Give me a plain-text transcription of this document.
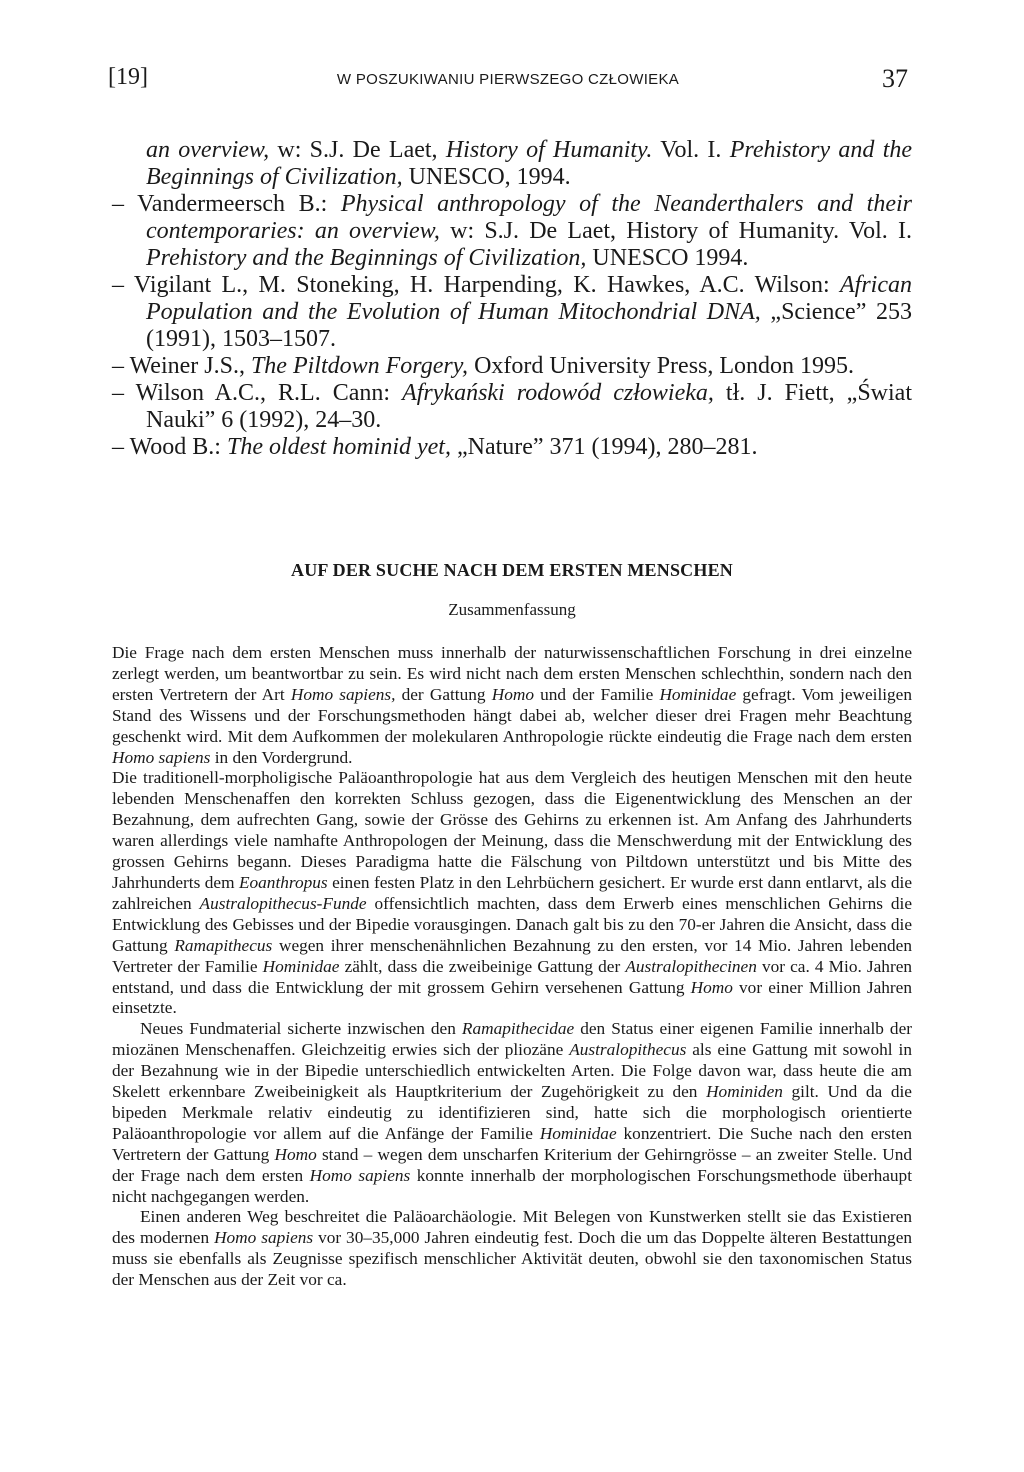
[19]	W POSZUKIWANIU PIERWSZEGO CZŁOWIEKA	37
an overview, w: S.J. De Laet, History of Humanity. Vol. I. Prehistory and the Beginnings of Civilization, UNESCO, 1994.
– Vandermeersch B.: Physical anthropology of the Neanderthalers and their contemporaries: an overview, w: S.J. De Laet, History of Humanity. Vol. I. Prehistory and the Beginnings of Civilization, UNESCO 1994.
– Vigilant L., M. Stoneking, H. Harpending, K. Hawkes, A.C. Wilson: African Population and the Evolution of Human Mitochondrial DNA, „Science” 253 (1991), 1503–1507.
– Weiner J.S., The Piltdown Forgery, Oxford University Press, London 1995.
– Wilson A.C., R.L. Cann: Afrykański rodowód człowieka, tł. J. Fiett, „Świat Nauki” 6 (1992), 24–30.
– Wood B.: The oldest hominid yet, „Nature” 371 (1994), 280–281.
AUF DER SUCHE NACH DEM ERSTEN MENSCHEN
Zusammenfassung

Die Frage nach dem ersten Menschen muss innerhalb der naturwissenschaftlichen Forschung in drei einzelne zerlegt werden, um beantwortbar zu sein. Es wird nicht nach dem ersten Menschen schlechthin, sondern nach den ersten Vertretern der Art Homo sapiens, der Gattung Homo und der Familie Hominidae gefragt. Vom jeweiligen Stand des Wissens und der Forschungsmethoden hängt dabei ab, welcher dieser drei Fragen mehr Beachtung geschenkt wird. Mit dem Aufkommen der molekularen Anthropologie rückte eindeutig die Frage nach dem ersten Homo sapiens in den Vordergrund.

Die traditionell-morpholigische Paläoanthropologie hat aus dem Vergleich des heutigen Menschen mit den heute lebenden Menschenaffen den korrekten Schluss gezogen, dass die Eigenentwicklung des Menschen an der Bezahnung, dem aufrechten Gang, sowie der Grösse des Gehirns zu erkennen ist. Am Anfang des Jahrhunderts waren allerdings viele namhafte Anthropologen der Meinung, dass die Menschwerdung mit der Entwicklung des grossen Gehirns begann. Dieses Paradigma hatte die Fälschung von Piltdown unterstützt und bis Mitte des Jahrhunderts dem Eoanthropus einen festen Platz in den Lehrbüchern gesichert. Er wurde erst dann entlarvt, als die zahlreichen Australopithecus-Funde offensichtlich machten, dass dem Erwerb eines menschlichen Gehirns die Entwicklung des Gebisses und der Bipedie vorausgingen. Danach galt bis zu den 70-er Jahren die Ansicht, dass die Gattung Ramapithecus wegen ihrer menschenähnlichen Bezahnung zu den ersten, vor 14 Mio. Jahren lebenden Vertreter der Familie Hominidae zählt, dass die zweibeinige Gattung der Australopithecinen vor ca. 4 Mio. Jahren entstand, und dass die Entwicklung der mit grossem Gehirn versehenen Gattung Homo vor einer Million Jahren einsetzte.

Neues Fundmaterial sicherte inzwischen den Ramapithecidae den Status einer eigenen Familie innerhalb der miozänen Menschenaffen. Gleichzeitig erwies sich der pliozäne Australopithecus als eine Gattung mit sowohl in der Bezahnung wie in der Bipedie unterschiedlich entwickelten Arten. Die Folge davon war, dass heute die am Skelett erkennbare Zweibeinigkeit als Hauptkriterium der Zugehörigkeit zu den Hominiden gilt. Und da die bipeden Merkmale relativ eindeutig zu identifizieren sind, hatte sich die morphologisch orientierte Paläoanthropologie vor allem auf die Anfänge der Familie Hominidae konzentriert. Die Suche nach den ersten Vertretern der Gattung Homo stand – wegen dem unscharfen Kriterium der Gehirngrösse – an zweiter Stelle. Und der Frage nach dem ersten Homo sapiens konnte innerhalb der morphologischen Forschungsmethode überhaupt nicht nachgegangen werden.

Einen anderen Weg beschreitet die Paläoarchäologie. Mit Belegen von Kunstwerken stellt sie das Existieren des modernen Homo sapiens vor 30–35,000 Jahren eindeutig fest. Doch die um das Doppelte älteren Bestattungen muss sie ebenfalls als Zeugnisse spezifisch menschlicher Aktivität deuten, obwohl sie den taxonomischen Status der Menschen aus der Zeit vor ca.
